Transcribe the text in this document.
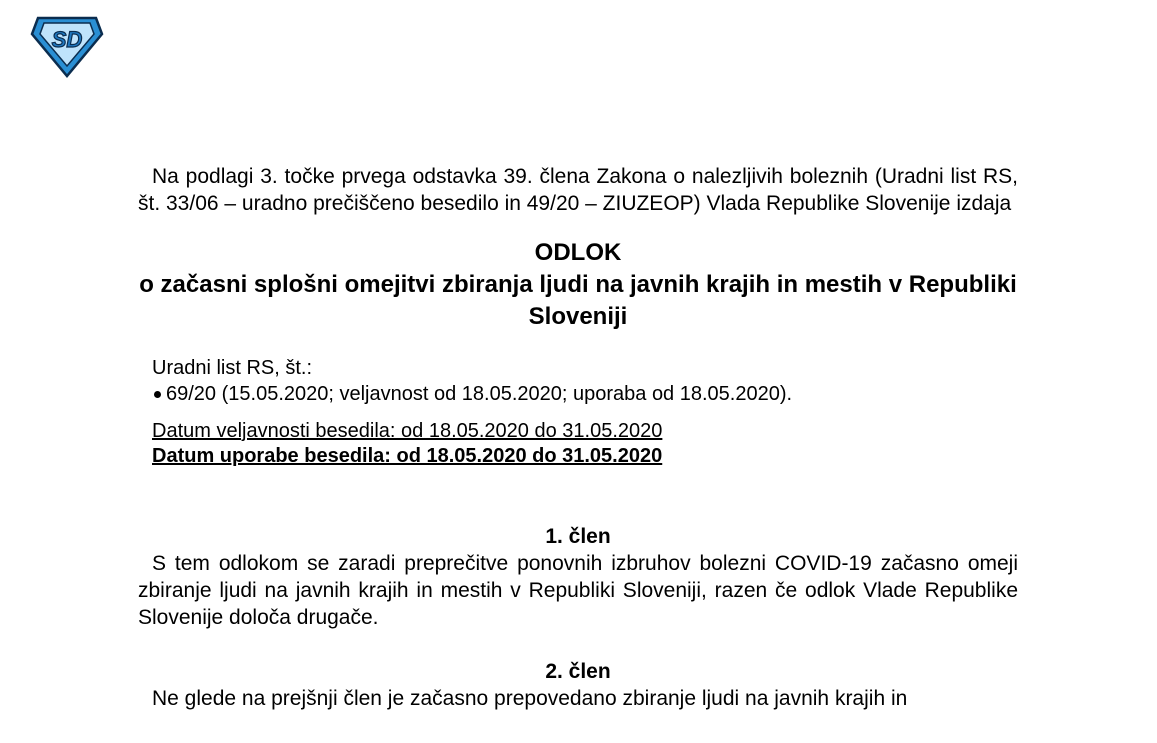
SD

Na podlagi 3. točke prvega odstavka 39. člena Zakona o nalezljivih boleznih (Uradni list RS, št. 33/06 – uradno prečiščeno besedilo in 49/20 – ZIUZEOP) Vlada Republike Slovenije izdaja

ODLOK
o začasni splošni omejitvi zbiranja ljudi na javnih krajih in mestih v Republiki Sloveniji
Uradni list RS, št.:
69/20 (15.05.2020; veljavnost od 18.05.2020; uporaba od 18.05.2020).
Datum veljavnosti besedila: od 18.05.2020 do 31.05.2020
Datum uporabe besedila: od 18.05.2020 do 31.05.2020
1. člen

S tem odlokom se zaradi preprečitve ponovnih izbruhov bolezni COVID-19 začasno omeji zbiranje ljudi na javnih krajih in mestih v Republiki Sloveniji, razen če odlok Vlade Republike Slovenije določa drugače.

2. člen

Ne glede na prejšnji člen je začasno prepovedano zbiranje ljudi na javnih krajih in
